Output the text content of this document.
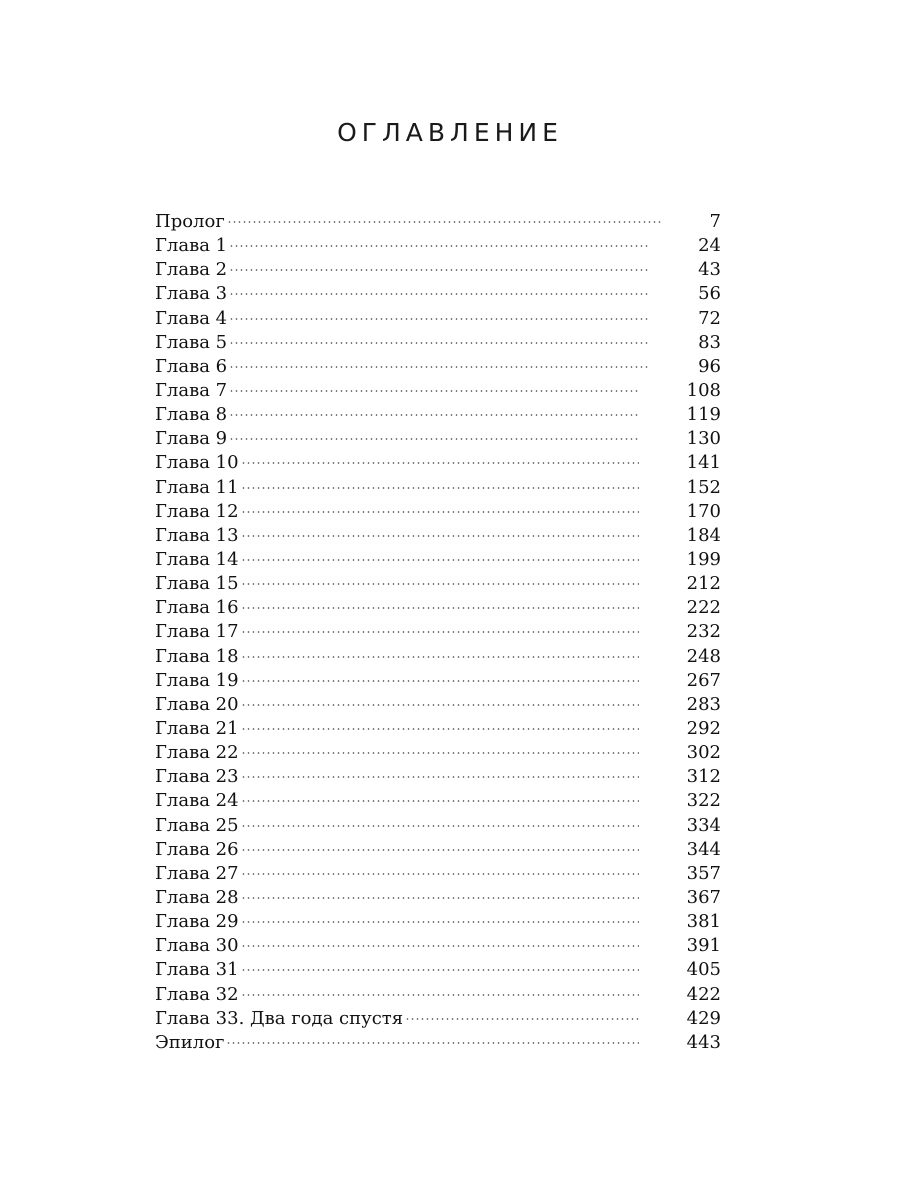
ОГЛАВЛЕНИЕ
Пролог	7
Глава 1	24
Глава 2	43
Глава 3	56
Глава 4	72
Глава 5	83
Глава 6	96
Глава 7	108
Глава 8	119
Глава 9	130
Глава 10	141
Глава 11	152
Глава 12	170
Глава 13	184
Глава 14	199
Глава 15	212
Глава 16	222
Глава 17	232
Глава 18	248
Глава 19	267
Глава 20	283
Глава 21	292
Глава 22	302
Глава 23	312
Глава 24	322
Глава 25	334
Глава 26	344
Глава 27	357
Глава 28	367
Глава 29	381
Глава 30	391
Глава 31	405
Глава 32	422
Глава 33. Два года спустя	429
Эпилог	443
